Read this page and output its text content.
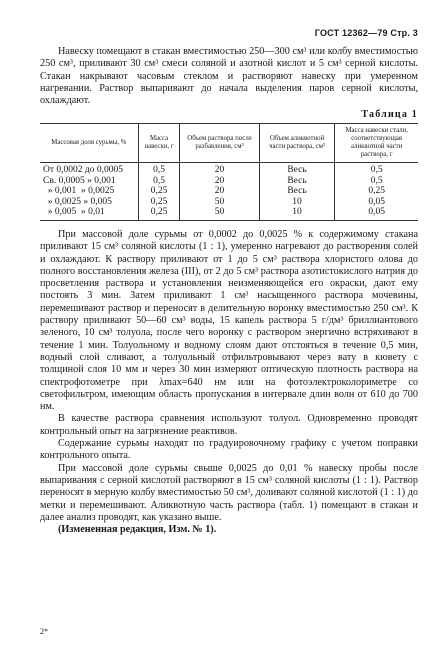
ГОСТ 12362—79 Стр. 3

Навеску помещают в стакан вместимостью 250—300 см³ или колбу вместимостью 250 см³, приливают 30 см³ смеси соляной и азотной кислот и 5 см³ серной кислоты. Стакан накрывают часовым стеклом и растворяют навеску при умеренном нагревании. Раствор выпаривают до начала выделения паров серной кислоты, охлаждают.

Таблица 1
Массовая доля сурьмы, %	Масса навески, г	Объем раствора после разбавления, см³	Объем аликвотной части раствора, см³	Масса навески стали, соответствующая аликвотной части раствора, г
От 0,0002 до 0,0005	0,5	20	Весь	0,5
Св. 0,0005 » 0,001	0,5	20	Весь	0,5
» 0,001  » 0,0025	0,25	20	Весь	0,25
» 0,0025 » 0,005	0,25	50	10	0,05
» 0,005  » 0,01	0,25	50	10	0,05

При массовой доле сурьмы от 0,0002 до 0,0025 % к содержимому стакана приливают 15 см³ соляной кислоты (1 : 1), умеренно нагревают до растворения солей и охлаждают. К раствору приливают от 1 до 5 см³ раствора хлористого олова до полного восстановления железа (III), от 2 до 5 см³ раствора азотистокислого натрия до просветления раствора и установления неизменяющейся его окраски, дают ему постоять 3 мин. Затем приливают 1 см³ насыщенного раствора мочевины, перемешивают раствор и переносят в делительную воронку вместимостью 250 см³. К раствору приливают 50—60 см³ воды, 15 капель раствора 5 г/дм³ бриллиантового зеленого, 10 см³ толуола, после чего воронку с раствором энергично встряхивают в течение 1 мин. Толуольному и водному слоям дают отстояться в течение 0,5 мин, водный слой сливают, а толуольный отфильтровывают через вату в кювету с толщиной слоя 10 мм и через 30 мин измеряют оптическую плотность раствора на спектрофотометре при λmax=640 нм или на фотоэлектроколориметре со светофильтром, имеющим область пропускания в интервале длин волн от 610 до 700 нм.

В качестве раствора сравнения используют толуол. Одновременно проводят контрольный опыт на загрязнение реактивов.

Содержание сурьмы находят по градуировочному графику с учетом поправки контрольного опыта.

При массовой доле сурьмы свыше 0,0025 до 0,01 % навеску пробы после выпаривания с серной кислотой растворяют в 15 см³ соляной кислоты (1 : 1). Раствор переносят в мерную колбу вместимостью 50 см³, доливают соляной кислотой (1 : 1) до метки и перемешивают. Аликвотную часть раствора (табл. 1) помещают в стакан и далее анализ проводят, как указано выше.

(Измененная редакция, Изм. № 1).

2*
